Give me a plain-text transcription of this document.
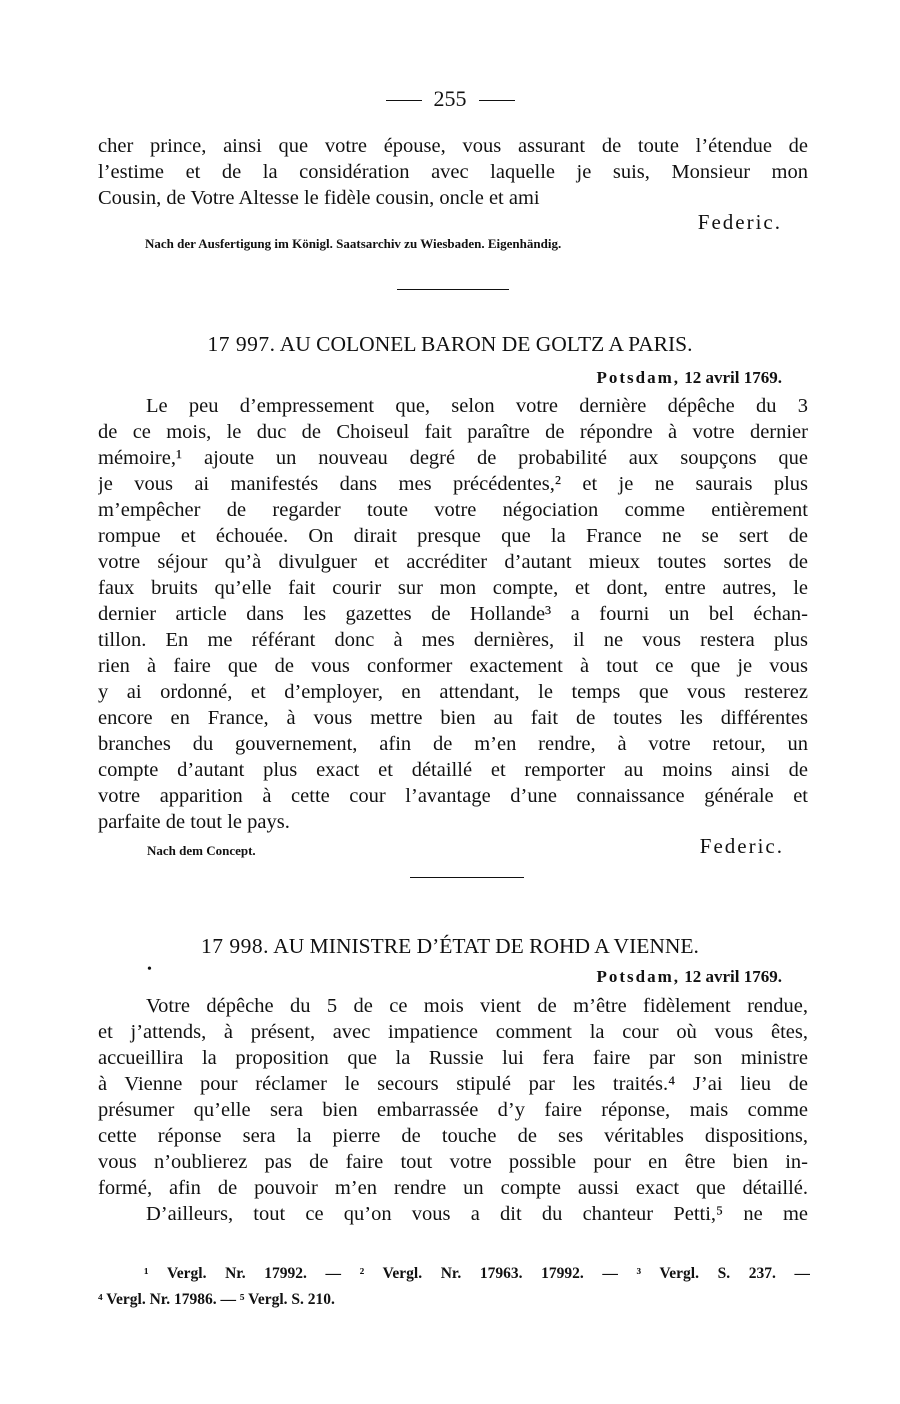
255
cher prince, ainsi que votre épouse, vous assurant de toute l’étendue de
l’estime et de la considération avec laquelle je suis, Monsieur mon
Cousin, de Votre Altesse le fidèle cousin, oncle et ami
Federic.
Nach der Ausfertigung im Königl. Saatsarchiv zu Wiesbaden. Eigenhändig.
17 997. AU COLONEL BARON DE GOLTZ A PARIS.
Potsdam, 12 avril 1769.
Le peu d’empressement que, selon votre dernière dépêche du 3
de ce mois, le duc de Choiseul fait paraître de répondre à votre dernier
mémoire,¹ ajoute un nouveau degré de probabilité aux soupçons que
je vous ai manifestés dans mes précédentes,² et je ne saurais plus
m’empêcher de regarder toute votre négociation comme entièrement
rompue et échouée. On dirait presque que la France ne se sert de
votre séjour qu’à divulguer et accréditer d’autant mieux toutes sortes de
faux bruits qu’elle fait courir sur mon compte, et dont, entre autres, le
dernier article dans les gazettes de Hollande³ a fourni un bel échan-
tillon. En me référant donc à mes dernières, il ne vous restera plus
rien à faire que de vous conformer exactement à tout ce que je vous
y ai ordonné, et d’employer, en attendant, le temps que vous resterez
encore en France, à vous mettre bien au fait de toutes les différentes
branches du gouvernement, afin de m’en rendre, à votre retour, un
compte d’autant plus exact et détaillé et remporter au moins ainsi de
votre apparition à cette cour l’avantage d’une connaissance générale et
parfaite de tout le pays.
Nach dem Concept.	Federic.
17 998. AU MINISTRE D’ÉTAT DE ROHD A VIENNE.
•	Potsdam, 12 avril 1769.
Votre dépêche du 5 de ce mois vient de m’être fidèlement rendue,
et j’attends, à présent, avec impatience comment la cour où vous êtes,
accueillira la proposition que la Russie lui fera faire par son ministre
à Vienne pour réclamer le secours stipulé par les traités.⁴ J’ai lieu de
présumer qu’elle sera bien embarrassée d’y faire réponse, mais comme
cette réponse sera la pierre de touche de ses véritables dispositions,
vous n’oublierez pas de faire tout votre possible pour en être bien in-
formé, afin de pouvoir m’en rendre un compte aussi exact que détaillé.
D’ailleurs, tout ce qu’on vous a dit du chanteur Petti,⁵ ne me
¹ Vergl. Nr. 17992. — ² Vergl. Nr. 17963. 17992. — ³ Vergl. S. 237. —
⁴ Vergl. Nr. 17986. — ⁵ Vergl. S. 210.
